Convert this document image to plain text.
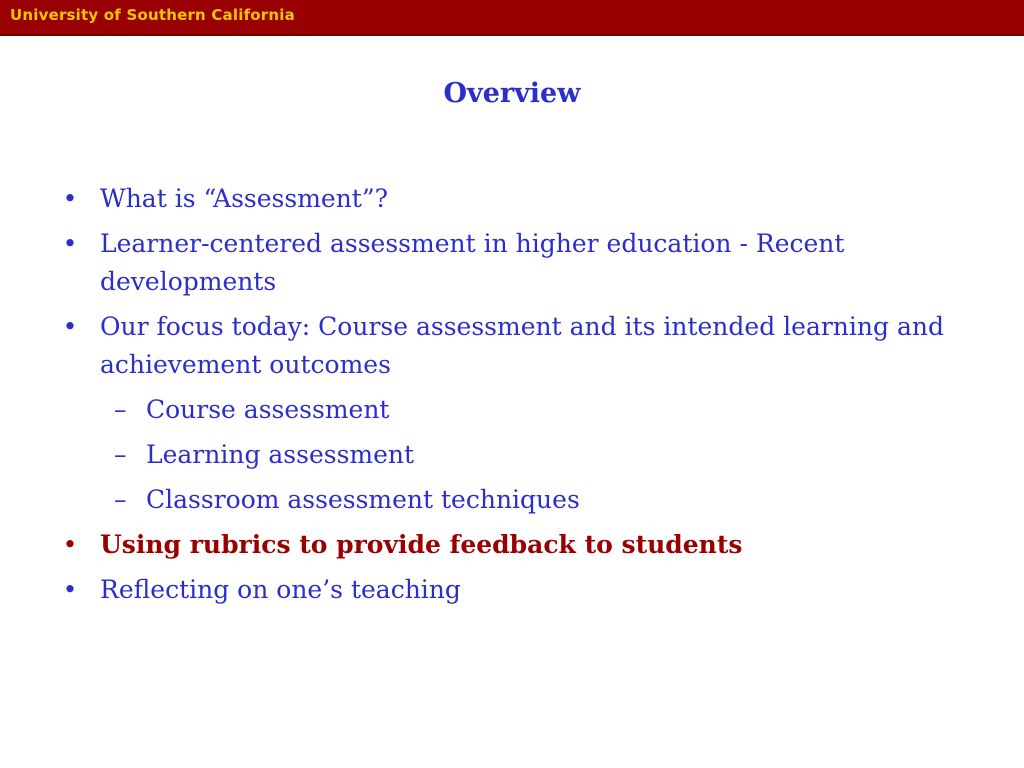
University of Southern California
Overview
• What is “Assessment”?
• Learner-centered assessment in higher education - Recent developments
• Our focus today: Course assessment and its intended learning and achievement outcomes
– Course assessment
– Learning assessment
– Classroom assessment techniques
• Using rubrics to provide feedback to students
• Reflecting on one’s teaching
